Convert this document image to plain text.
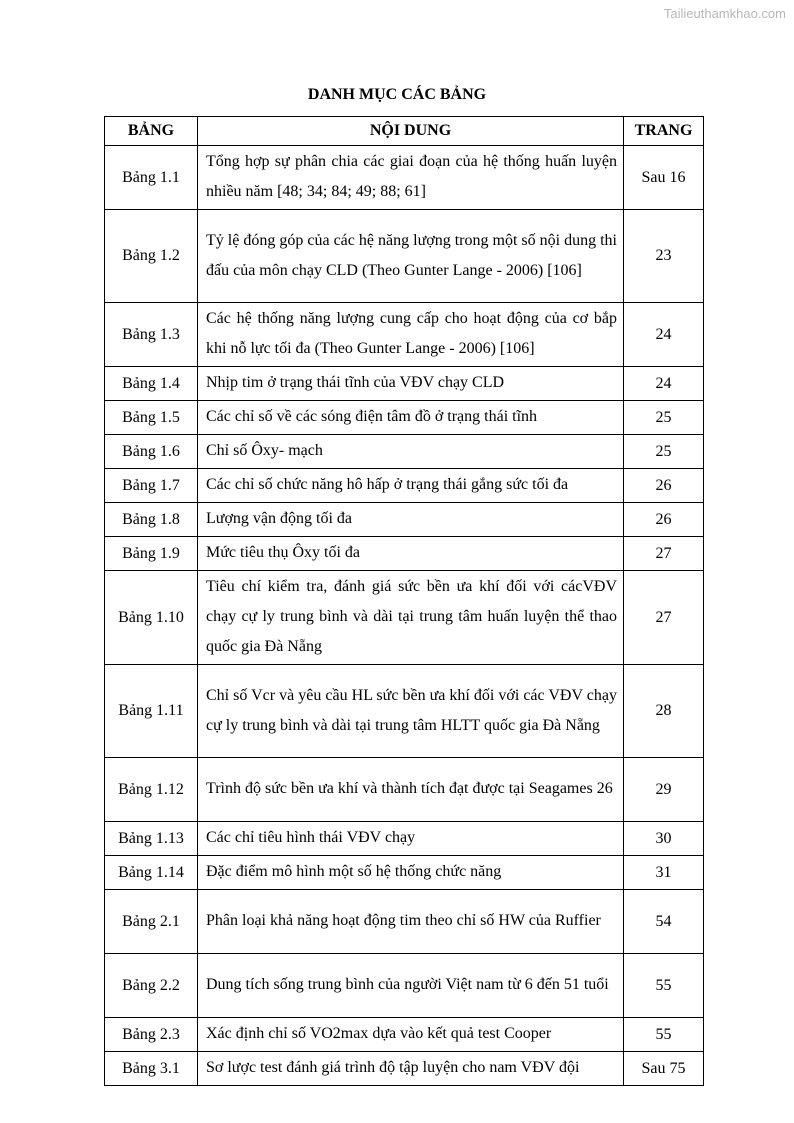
Tailieuthamkhao.com
DANH MỤC CÁC BẢNG
BẢNG	NỘI DUNG	TRANG
Bảng 1.1	Tổng hợp sự phân chia các giai đoạn của hệ thống huấn luyện nhiều năm [48; 34; 84; 49; 88; 61]	Sau 16
Bảng 1.2	Tỷ lệ đóng góp của các hệ năng lượng trong một số nội dung thi đấu của môn chạy CLD (Theo Gunter Lange - 2006) [106]	23
Bảng 1.3	Các hệ thống năng lượng cung cấp cho hoạt động của cơ bắp khi nỗ lực tối đa (Theo Gunter Lange - 2006) [106]	24
Bảng 1.4	Nhịp tim ở trạng thái tĩnh của VĐV chạy CLD	24
Bảng 1.5	Các chỉ số về các sóng điện tâm đồ ở trạng thái tĩnh	25
Bảng 1.6	Chỉ số Ôxy- mạch	25
Bảng 1.7	Các chỉ số chức năng hô hấp ở trạng thái gắng sức tối đa	26
Bảng 1.8	Lượng vận động tối đa	26
Bảng 1.9	Mức tiêu thụ Ôxy tối đa	27
Bảng 1.10	Tiêu chí kiểm tra, đánh giá sức bền ưa khí đối với cácVĐV chạy cự ly trung bình và dài tại trung tâm huấn luyện thể thao quốc gia Đà Nẵng	27
Bảng 1.11	Chỉ số Vcr và yêu cầu HL sức bền ưa khí đối với các VĐV chạy cự ly trung bình và dài tại trung tâm HLTT quốc gia Đà Nẵng	28
Bảng 1.12	Trình độ sức bền ưa khí và thành tích đạt được tại Seagames 26	29
Bảng 1.13	Các chỉ tiêu hình thái VĐV chạy	30
Bảng 1.14	Đặc điểm mô hình một số hệ thống chức năng	31
Bảng 2.1	Phân loại khả năng hoạt động tim theo chỉ số HW của Ruffier	54
Bảng 2.2	Dung tích sống trung bình của người Việt nam từ 6 đến 51 tuổi	55
Bảng 2.3	Xác định chỉ số VO2max dựa vào kết quả test Cooper	55
Bảng 3.1	Sơ lược test đánh giá trình độ tập luyện cho nam VĐV đội	Sau 75
